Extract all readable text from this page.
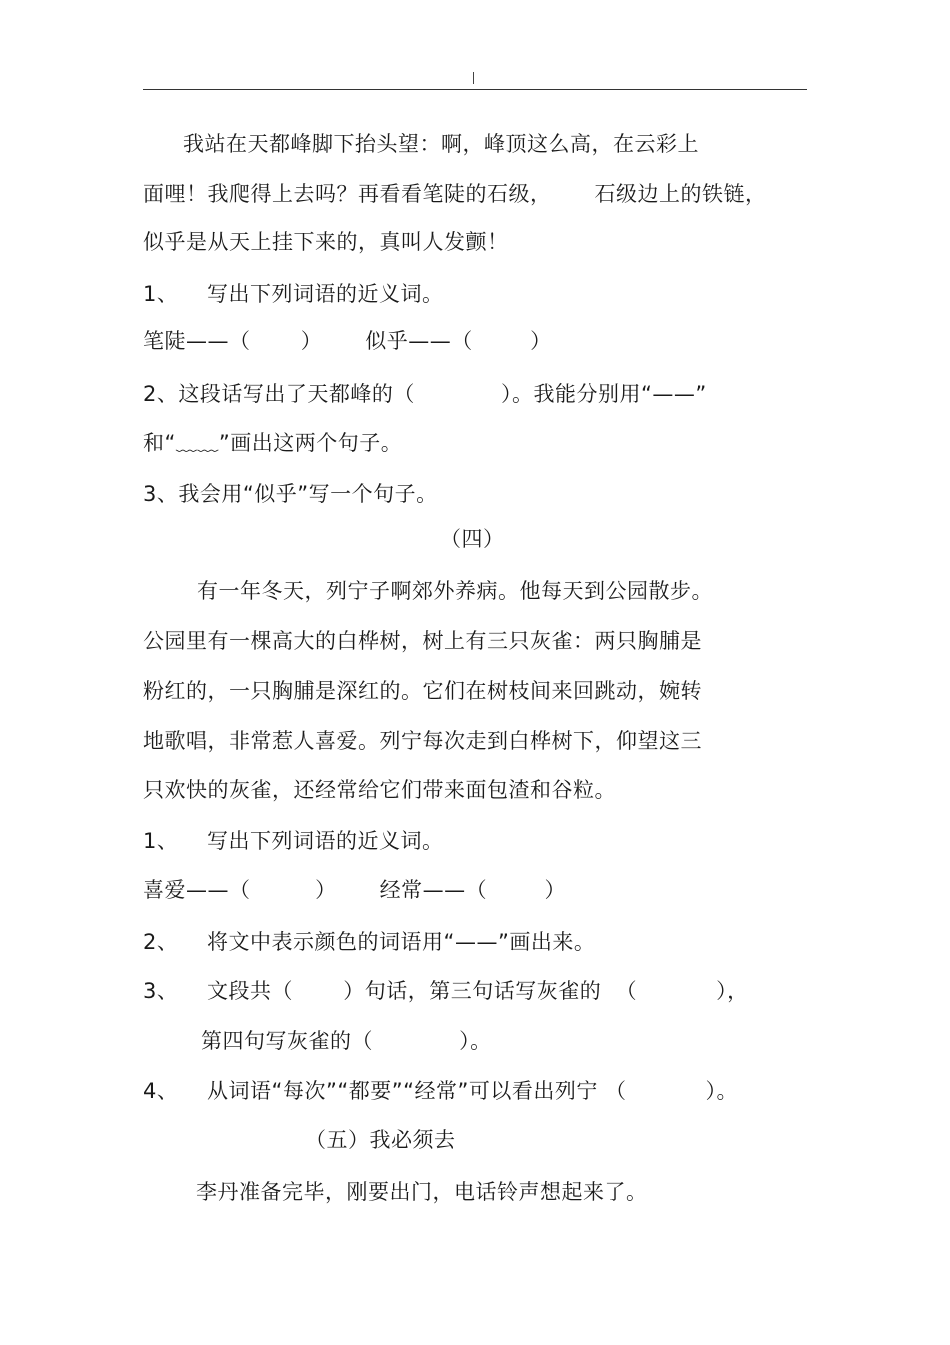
我站在天都峰脚下抬头望：啊，峰顶这么高，在云彩上
面哩！我爬得上去吗？再看看笔陡的石级，      石级边上的铁链，
似乎是从天上挂下来的，真叫人发颤！
1、    写出下列词语的近义词。
笔陡——（       ）      似乎——（        ）
2、这段话写出了天都峰的（            ）。我能分别用“——”
和“﹏﹏”画出这两个句子。
3、我会用“似乎”写一个句子。
（四）
有一年冬天，列宁子啊郊外养病。他每天到公园散步。
公园里有一棵高大的白桦树，树上有三只灰雀：两只胸脯是
粉红的，一只胸脯是深红的。它们在树枝间来回跳动，婉转
地歌唱，非常惹人喜爱。列宁每次走到白桦树下，仰望这三
只欢快的灰雀，还经常给它们带来面包渣和谷粒。
1、    写出下列词语的近义词。
喜爱——（         ）      经常——（        ）
2、    将文中表示颜色的词语用“——”画出来。
3、    文段共（       ）句话，第三句话写灰雀的  （           ），
第四句写灰雀的（            ）。
4、    从词语“每次”“都要”“经常”可以看出列宁 （           ）。
（五）我必须去
李丹准备完毕，刚要出门，电话铃声想起来了。
